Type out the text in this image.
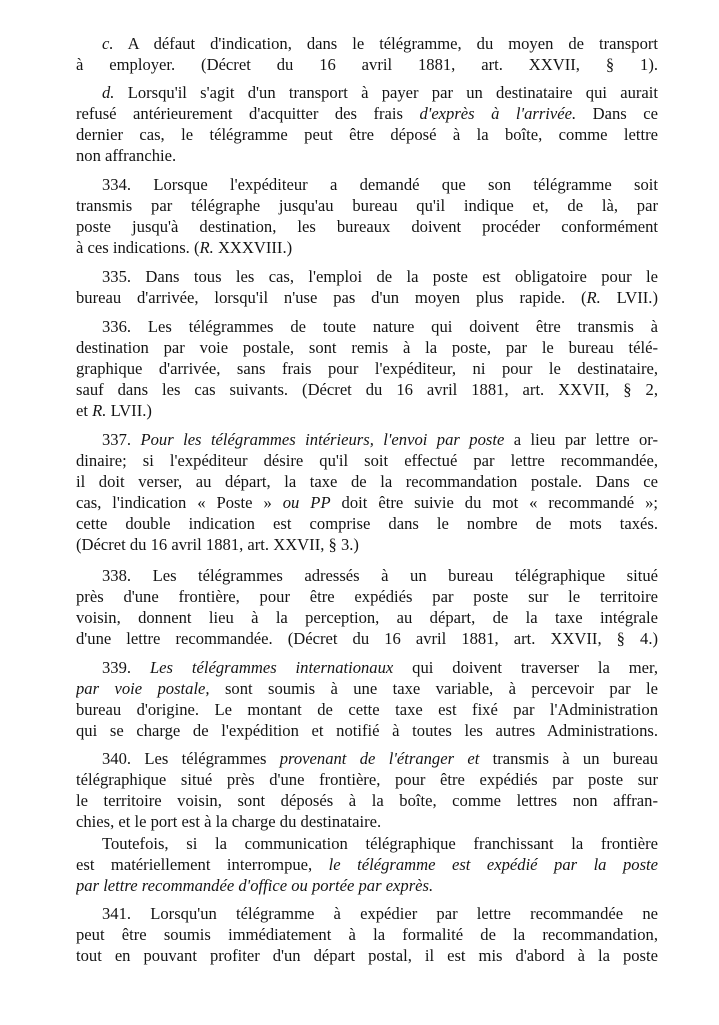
c. A défaut d'indication, dans le télégramme, du moyen de transport
à employer. (Décret du 16 avril 1881, art. XXVII, § 1).
d. Lorsqu'il s'agit d'un transport à payer par un destinataire qui aurait
refusé antérieurement d'acquitter des frais d'exprès à l'arrivée. Dans ce
dernier cas, le télégramme peut être déposé à la boîte, comme lettre
non affranchie.
334. Lorsque l'expéditeur a demandé que son télégramme soit
transmis par télégraphe jusqu'au bureau qu'il indique et, de là, par
poste jusqu'à destination, les bureaux doivent procéder conformément
à ces indications. (R. XXXVIII.)
335. Dans tous les cas, l'emploi de la poste est obligatoire pour le
bureau d'arrivée, lorsqu'il n'use pas d'un moyen plus rapide. (R. LVII.)
336. Les télégrammes de toute nature qui doivent être transmis à
destination par voie postale, sont remis à la poste, par le bureau télé-
graphique d'arrivée, sans frais pour l'expéditeur, ni pour le destinataire,
sauf dans les cas suivants. (Décret du 16 avril 1881, art. XXVII, § 2,
et R. LVII.)
337. Pour les télégrammes intérieurs, l'envoi par poste a lieu par lettre or-
dinaire; si l'expéditeur désire qu'il soit effectué par lettre recommandée,
il doit verser, au départ, la taxe de la recommandation postale. Dans ce
cas, l'indication « Poste » ou PP doit être suivie du mot « recommandé »;
cette double indication est comprise dans le nombre de mots taxés.
(Décret du 16 avril 1881, art. XXVII, § 3.)
338. Les télégrammes adressés à un bureau télégraphique situé
près d'une frontière, pour être expédiés par poste sur le territoire
voisin, donnent lieu à la perception, au départ, de la taxe intégrale
d'une lettre recommandée. (Décret du 16 avril 1881, art. XXVII, § 4.)
339. Les télégrammes internationaux qui doivent traverser la mer,
par voie postale, sont soumis à une taxe variable, à percevoir par le
bureau d'origine. Le montant de cette taxe est fixé par l'Administration
qui se charge de l'expédition et notifié à toutes les autres Administrations.
340. Les télégrammes provenant de l'étranger et transmis à un bureau
télégraphique situé près d'une frontière, pour être expédiés par poste sur
le territoire voisin, sont déposés à la boîte, comme lettres non affran-
chies, et le port est à la charge du destinataire.
Toutefois, si la communication télégraphique franchissant la frontière
est matériellement interrompue, le télégramme est expédié par la poste
par lettre recommandée d'office ou portée par exprès.
341. Lorsqu'un télégramme à expédier par lettre recommandée ne
peut être soumis immédiatement à la formalité de la recommandation,
tout en pouvant profiter d'un départ postal, il est mis d'abord à la poste
